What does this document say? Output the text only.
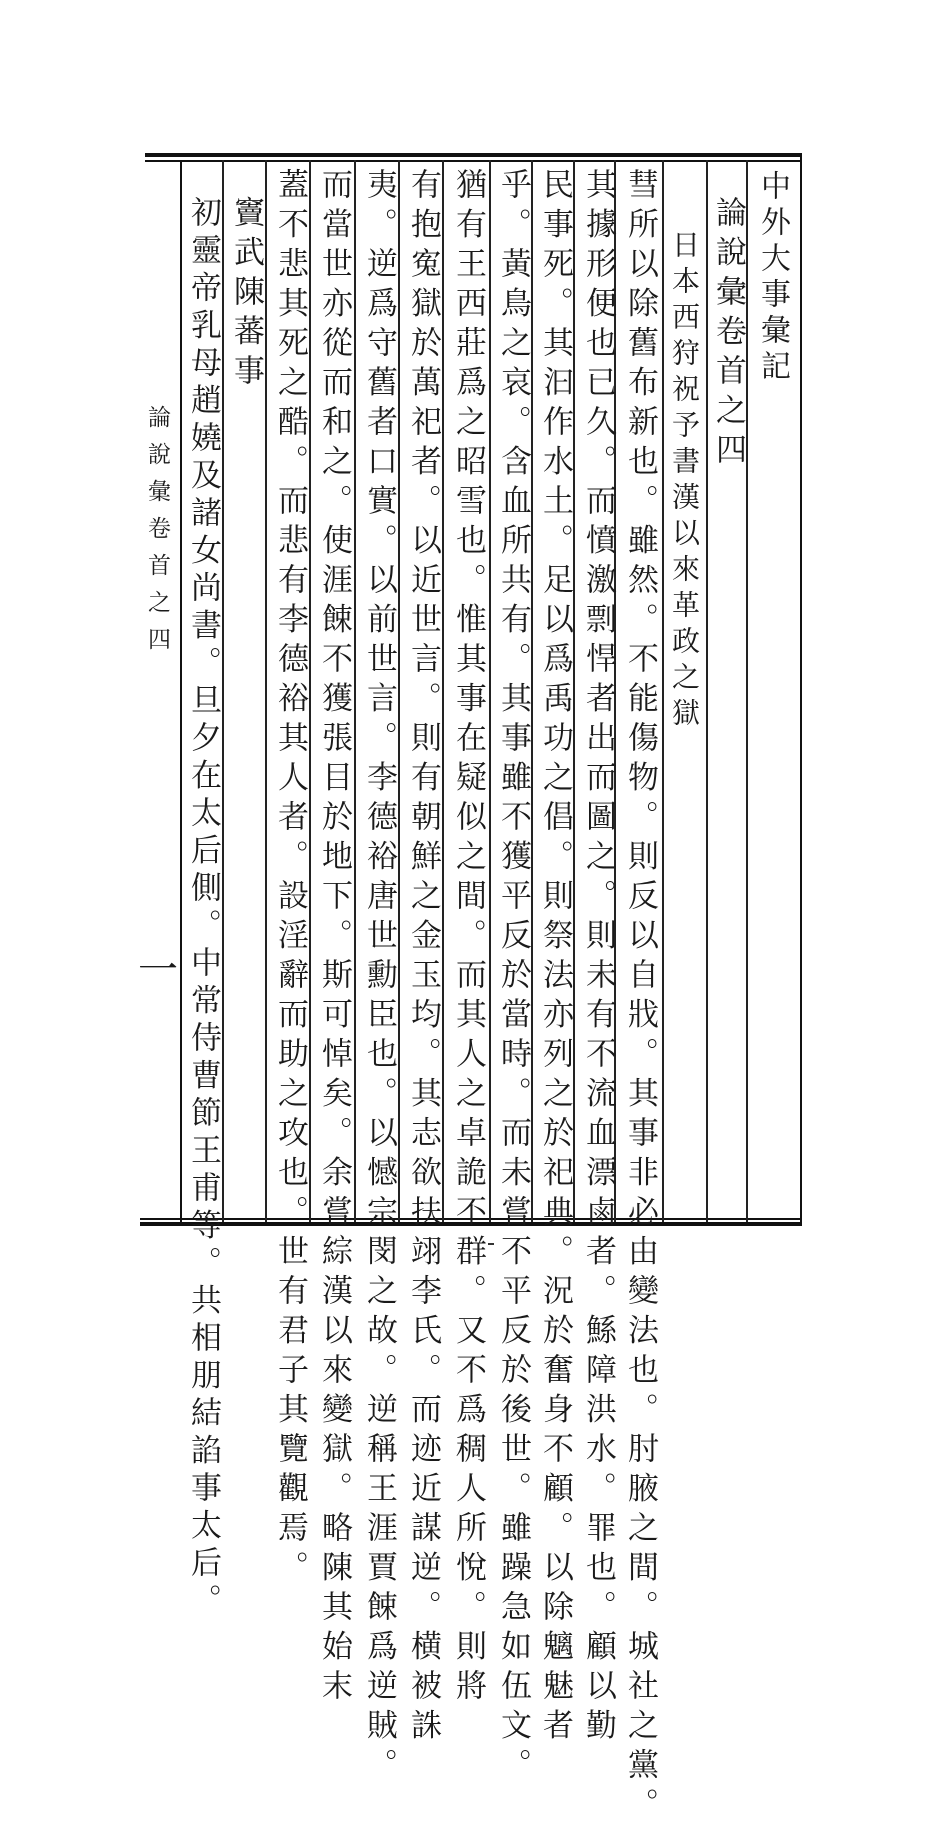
中外大事彙記
論說彙卷首之四
日本西狩祝予書漢以來革政之獄
彗所以除舊布新也。雖然。不能傷物。則反以自戕。其事非必由變法也。肘腋之間。城社之黨。
其據形便也已久。而憤激剽悍者出而圖之。則未有不流血漂鹵者。鯀障洪水。罪也。顧以勤
民事死。其汩作水土。足以爲禹功之倡。則祭法亦列之於祀典。況於奮身不顧。以除魑魅者
乎。黃鳥之哀。含血所共有。其事雖不獲平反於當時。而未嘗不平反於後世。雖躁急如伍文。
猶有王西莊爲之昭雪也。惟其事在疑似之間。而其人之卓詭不群。又不爲稠人所悅。則將
有抱寃獄於萬祀者。以近世言。則有朝鮮之金玉均。其志欲扶翊李氏。而迹近謀逆。横被誅
夷。逆爲守舊者口實。以前世言。李德裕唐世勳臣也。以憾宗閔之故。逆稱王涯賈餗爲逆賊。
而當世亦從而和之。使涯餗不獲張目於地下。斯可悼矣。余嘗綜漢以來變獄。略陳其始末
蓋不悲其死之酷。而悲有李德裕其人者。設淫辭而助之攻也。世有君子其覽觀焉。
竇武陳蕃事
初靈帝乳母趙嬈及諸女尚書。旦夕在太后側。中常侍曹節王甫等。共相朋結諂事太后。
論說彙卷首之四
一
